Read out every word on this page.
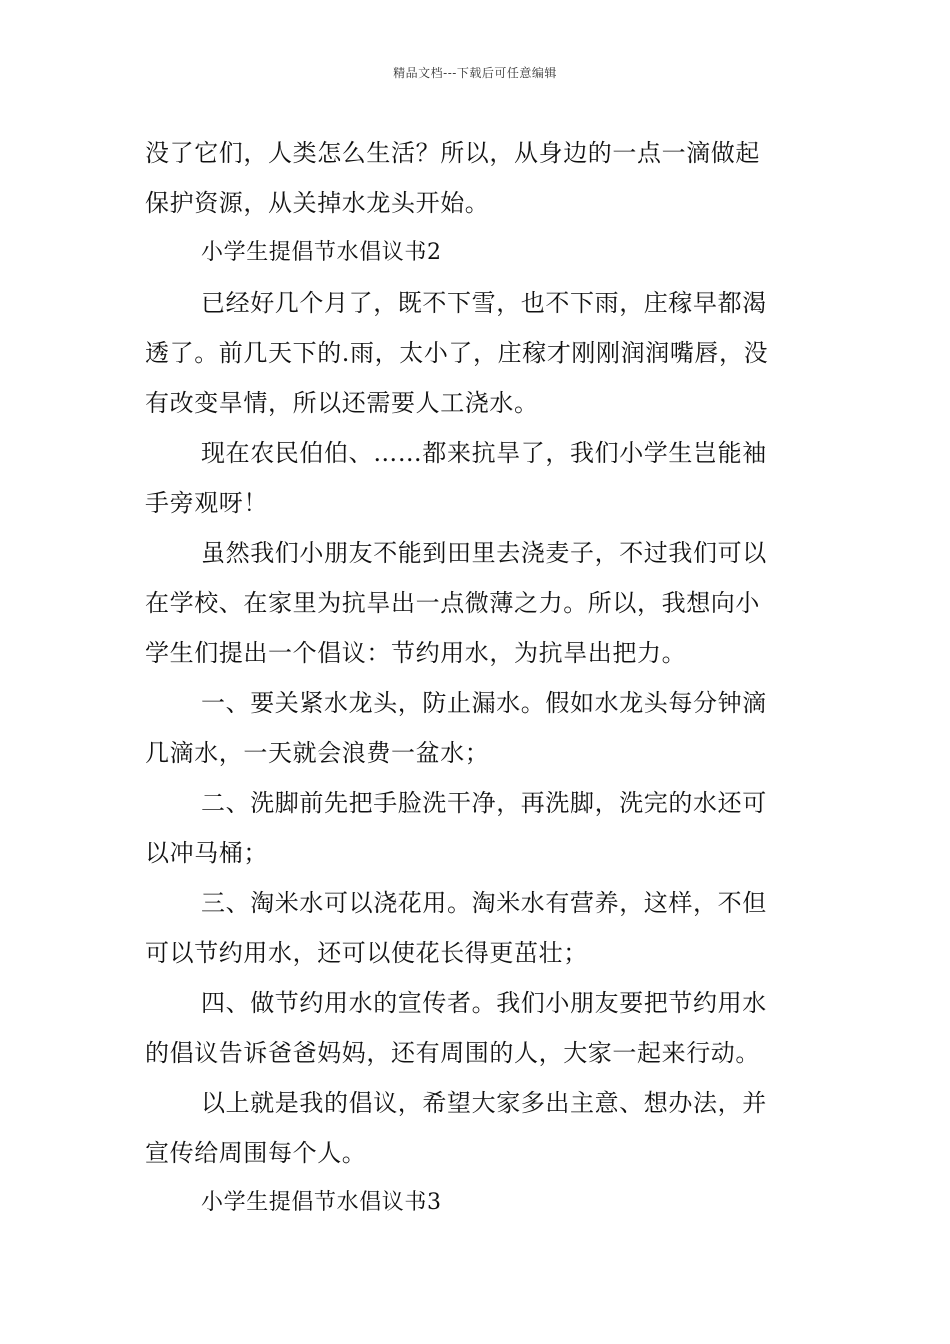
精品文档---下载后可任意编辑
没了它们，人类怎么生活？所以，从身边的一点一滴做起
保护资源，从关掉水龙头开始。
小学生提倡节水倡议书2
已经好几个月了，既不下雪，也不下雨，庄稼早都渴
透了。前几天下的.雨，太小了，庄稼才刚刚润润嘴唇，没
有改变旱情，所以还需要人工浇水。
现在农民伯伯、……都来抗旱了，我们小学生岂能袖
手旁观呀！
虽然我们小朋友不能到田里去浇麦子，不过我们可以
在学校、在家里为抗旱出一点微薄之力。所以，我想向小
学生们提出一个倡议：节约用水，为抗旱出把力。
一、要关紧水龙头，防止漏水。假如水龙头每分钟滴
几滴水，一天就会浪费一盆水；
二、洗脚前先把手脸洗干净，再洗脚，洗完的水还可
以冲马桶；
三、淘米水可以浇花用。淘米水有营养，这样，不但
可以节约用水，还可以使花长得更茁壮；
四、做节约用水的宣传者。我们小朋友要把节约用水
的倡议告诉爸爸妈妈，还有周围的人，大家一起来行动。
以上就是我的倡议，希望大家多出主意、想办法，并
宣传给周围每个人。
小学生提倡节水倡议书3
